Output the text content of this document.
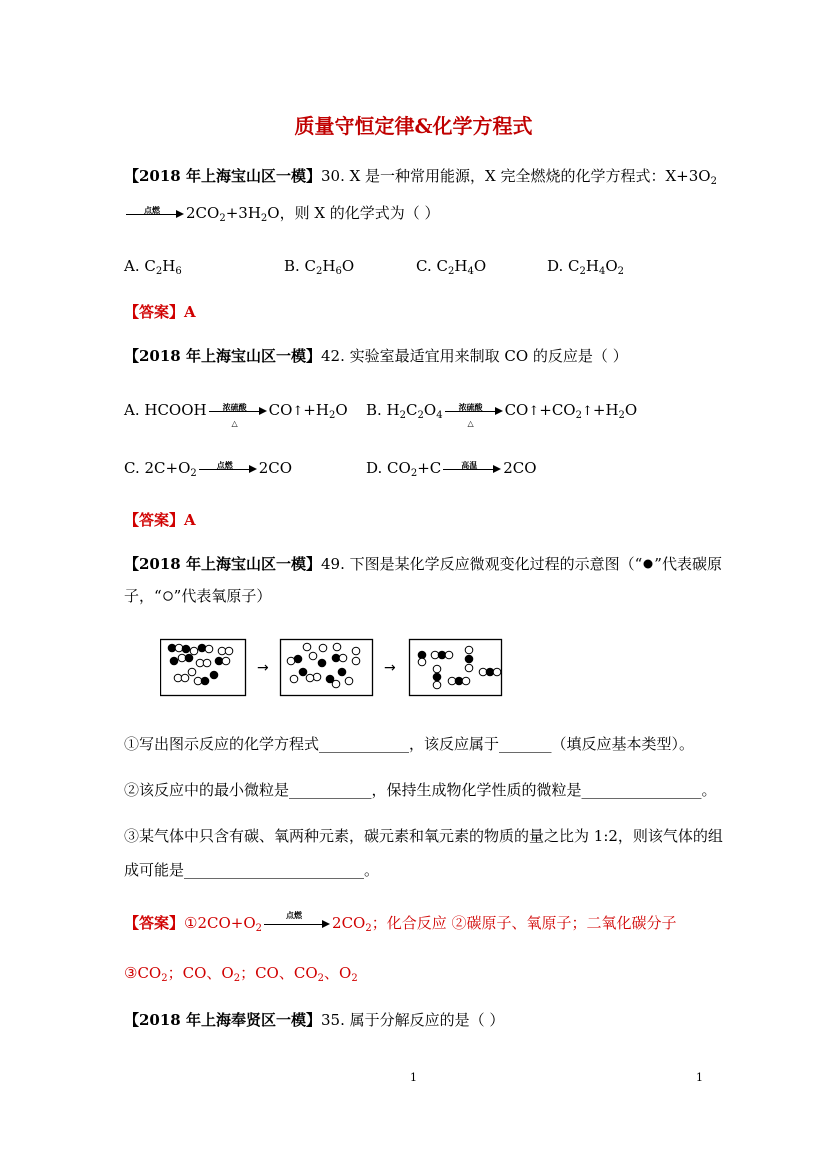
质量守恒定律&化学方程式
【2018 年上海宝山区一模】30. X 是一种常用能源，X 完全燃烧的化学方程式：$X+3O_2$
点燃	$2CO_2+3H_2O$，则 X 的化学式为（ ）
A. $C_2H_6$	B. $C_2H_6O$	C. $C_2H_4O$	D. $C_2H_4O_2$
【答案】A
【2018 年上海宝山区一模】42. 实验室最适宜用来制取 CO 的反应是（ ）
A. HCOOH	浓硫酸
△
$CO↑+H_2O$ B. $H_2C_2O_4$
浓硫酸
△
$CO↑+CO_2↑+H_2O$
C. $2C+O_2$
点燃	2CO	D. $CO_2+C$	高温	2CO
【答案】A
【2018 年上海宝山区一模】49. 下图是某化学反应微观变化过程的示意图（“ ”代表碳原
子，“ ”代表氧原子）
→	→
①写出图示反应的化学方程式____________，该反应属于_______（填反应基本类型）。
②该反应中的最小微粒是___________，保持生成物化学性质的微粒是________________。
③某气体中只含有碳、氧两种元素，碳元素和氧元素的物质的量之比为 1:2，则该气体的组
成可能是________________________。
【答案】$①2CO+O_2$
点燃	$2CO_2$；化合反应 ②碳原子、氧原子；二氧化碳分子
$③CO_2$；CO、$O_2$；CO、$CO_2$、$O_2$
【2018 年上海奉贤区一模】35. 属于分解反应的是（ ）
1	1
